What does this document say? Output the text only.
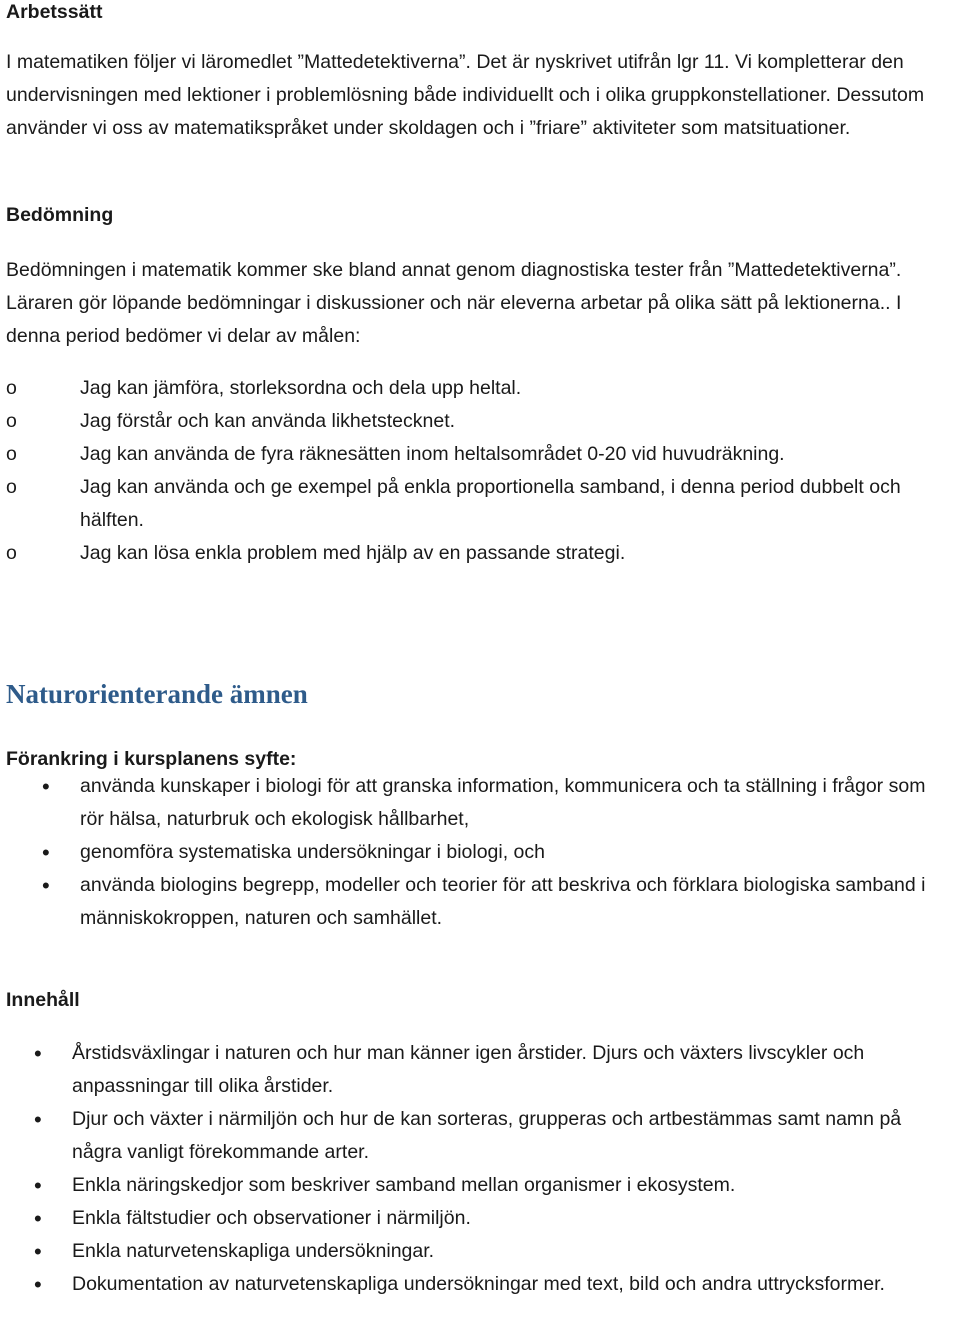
Arbetssätt

I matematiken följer vi läromedlet ”Mattedetektiverna”. Det är nyskrivet utifrån lgr 11. Vi kompletterar den undervisningen med lektioner i problemlösning både individuellt och i olika gruppkonstellationer. Dessutom använder vi oss av matematikspråket under skoldagen och i ”friare” aktiviteter som matsituationer.

Bedömning

Bedömningen i matematik kommer ske bland annat genom diagnostiska tester från ”Mattedetektiverna”. Läraren gör löpande bedömningar i diskussioner och när eleverna arbetar på olika sätt på lektionerna.. I denna period bedömer vi delar av målen:

o	Jag kan jämföra, storleksordna och dela upp heltal.
o	Jag förstår och kan använda likhetstecknet.
o	Jag kan använda de fyra räknesätten inom heltalsområdet 0-20 vid huvudräkning.
o	Jag kan använda och ge exempel på enkla proportionella samband, i denna period dubbelt och hälften.
o	Jag kan lösa enkla problem med hjälp av en passande strategi.
Naturorienterande ämnen
Förankring i kursplanens syfte:
•	använda kunskaper i biologi för att granska information, kommunicera och ta ställning i frågor som rör hälsa, naturbruk och ekologisk hållbarhet,
•	genomföra systematiska undersökningar i biologi, och
•	använda biologins begrepp, modeller och teorier för att beskriva och förklara biologiska samband i människokroppen, naturen och samhället.
Innehåll
•	Årstidsväxlingar i naturen och hur man känner igen årstider. Djurs och växters livscykler och anpassningar till olika årstider.
•	Djur och växter i närmiljön och hur de kan sorteras, grupperas och artbestämmas samt namn på några vanligt förekommande arter.
•	Enkla näringskedjor som beskriver samband mellan organismer i ekosystem.
•	Enkla fältstudier och observationer i närmiljön.
•	Enkla naturvetenskapliga undersökningar.
•	Dokumentation av naturvetenskapliga undersökningar med text, bild och andra uttrycksformer.
